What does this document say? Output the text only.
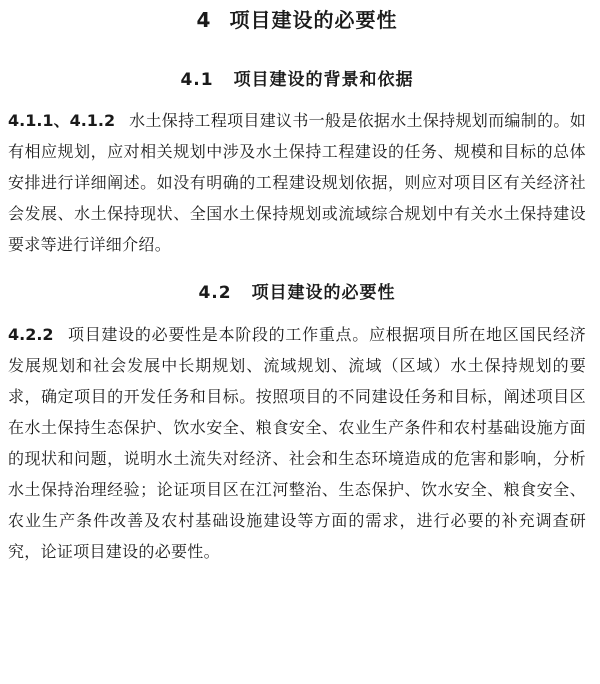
4 项目建设的必要性
4.1 项目建设的背景和依据

4.1.1、4.1.2 水土保持工程项目建议书一般是依据水土保持规划而编制的。如有相应规划，应对相关规划中涉及水土保持工程建设的任务、规模和目标的总体安排进行详细阐述。如没有明确的工程建设规划依据，则应对项目区有关经济社会发展、水土保持现状、全国水土保持规划或流域综合规划中有关水土保持建设要求等进行详细介绍。

4.2 项目建设的必要性

4.2.2 项目建设的必要性是本阶段的工作重点。应根据项目所在地区国民经济发展规划和社会发展中长期规划、流域规划、流域（区域）水土保持规划的要求，确定项目的开发任务和目标。按照项目的不同建设任务和目标，阐述项目区在水土保持生态保护、饮水安全、粮食安全、农业生产条件和农村基础设施方面的现状和问题，说明水土流失对经济、社会和生态环境造成的危害和影响，分析水土保持治理经验；论证项目区在江河整治、生态保护、饮水安全、粮食安全、农业生产条件改善及农村基础设施建设等方面的需求，进行必要的补充调查研究，论证项目建设的必要性。
